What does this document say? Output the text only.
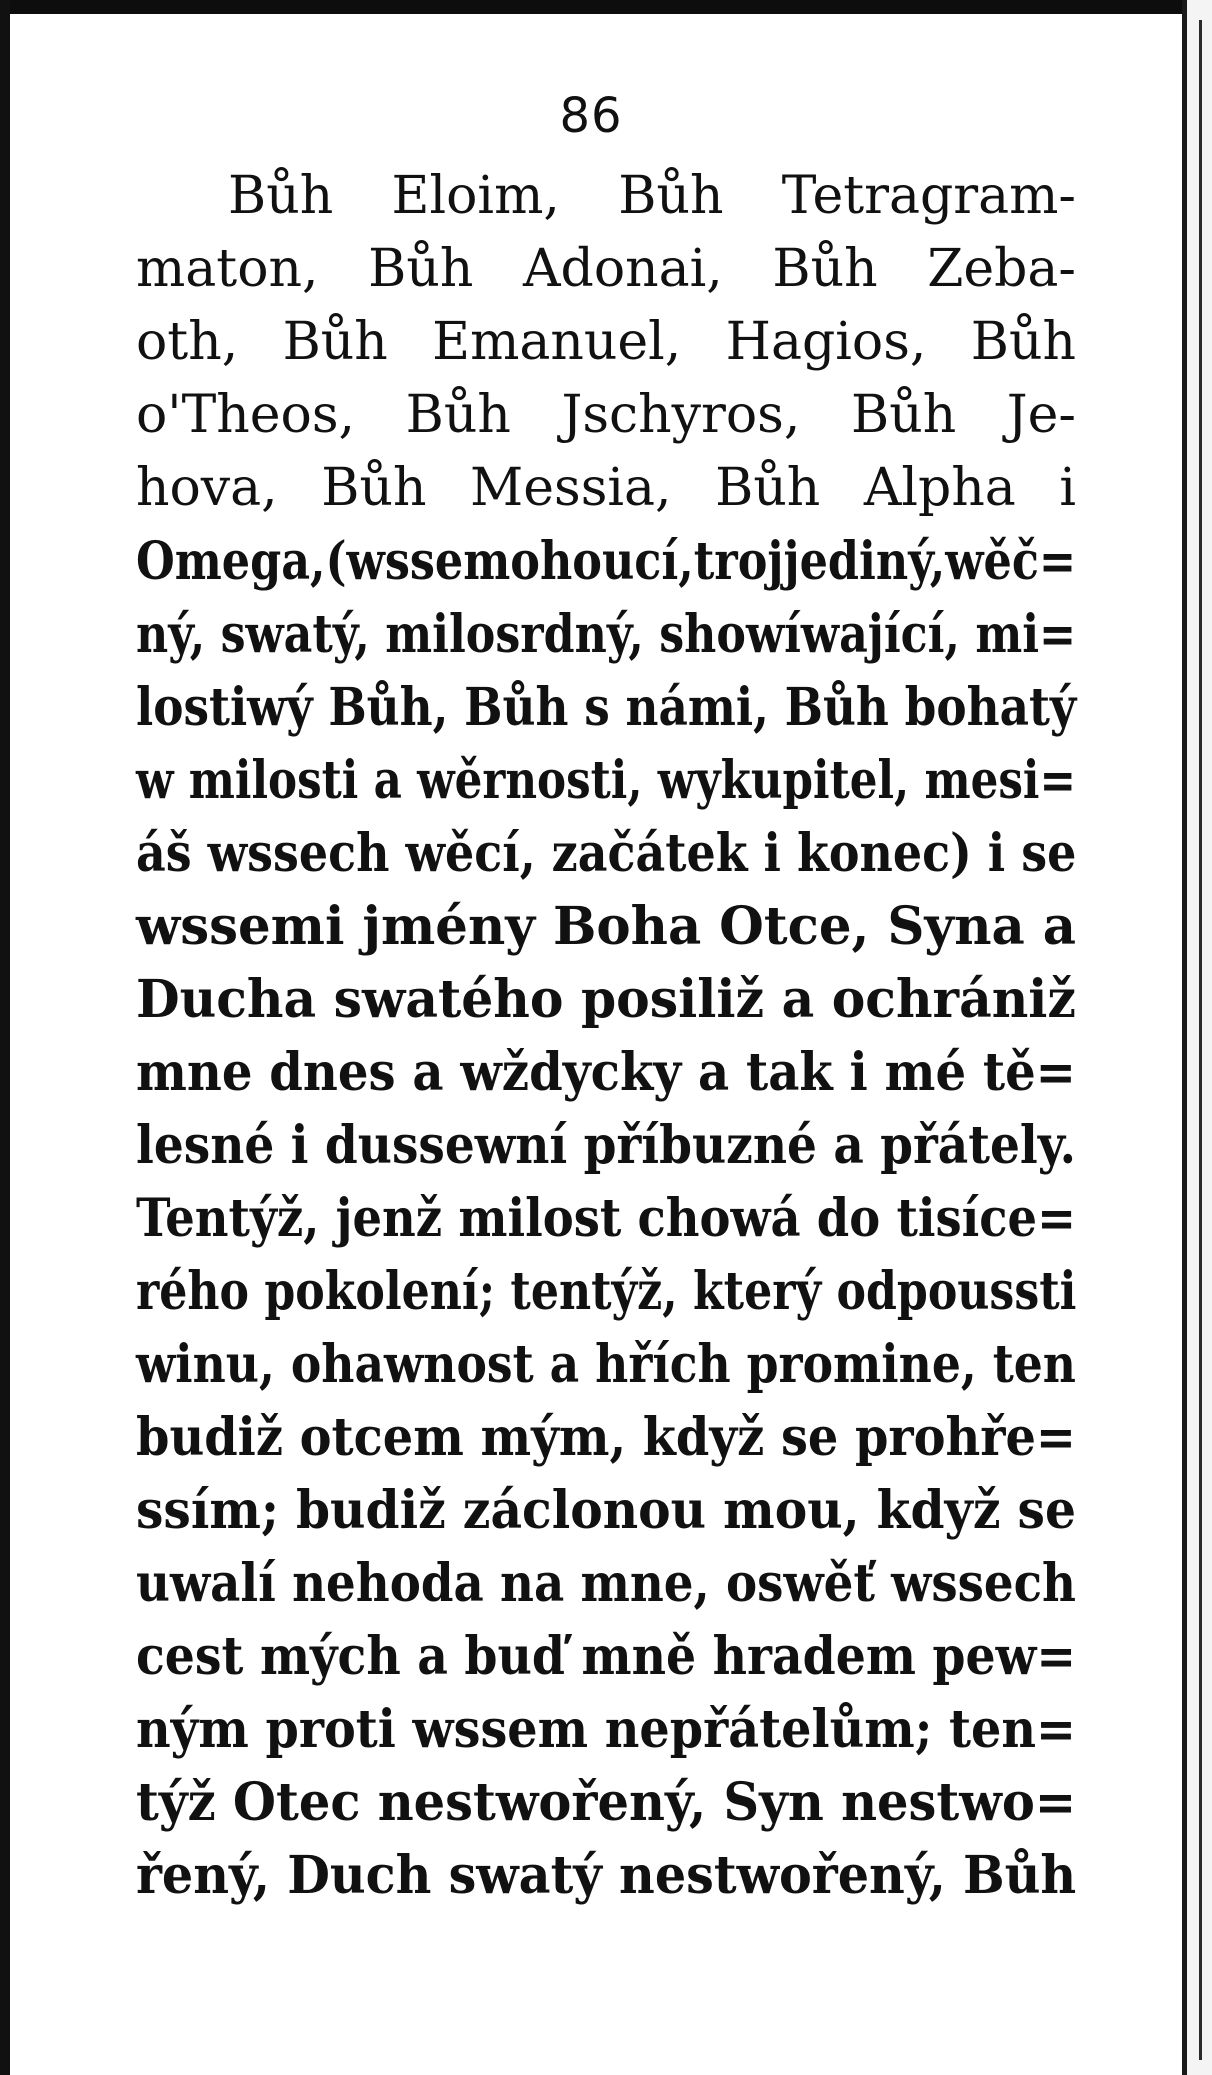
86
Bůh Eloim, Bůh Tetragram-
maton, Bůh Adonai, Bůh Zeba-
oth, Bůh Emanuel, Hagios, Bůh
o'Theos, Bůh Jschyros, Bůh Je-
hova, Bůh Messia, Bůh Alpha i
Omega,(wssemohoucí,trojjediný,wěč=
ný, swatý, milosrdný, showíwající, mi=
lostiwý Bůh, Bůh s námi, Bůh bohatý
w milosti a wěrnosti, wykupitel, mesi=
áš wssech wěcí, začátek i konec) i se
wssemi jmény Boha Otce, Syna a
Ducha swatého posiliž a ochrániž
mne dnes a wždycky a tak i mé tě=
lesné i dussewní příbuzné a přátely.
Tentýž, jenž milost chowá do tisíce=
rého pokolení; tentýž, který odpoussti
winu, ohawnost a hřích promine, ten
budiž otcem mým, když se prohře=
ssím; budiž záclonou mou, když se
uwalí nehoda na mne, oswěť wssech
cest mých a buď mně hradem pew=
ným proti wssem nepřátelům; ten=
týž Otec nestwořený, Syn nestwo=
řený, Duch swatý nestwořený, Bůh
